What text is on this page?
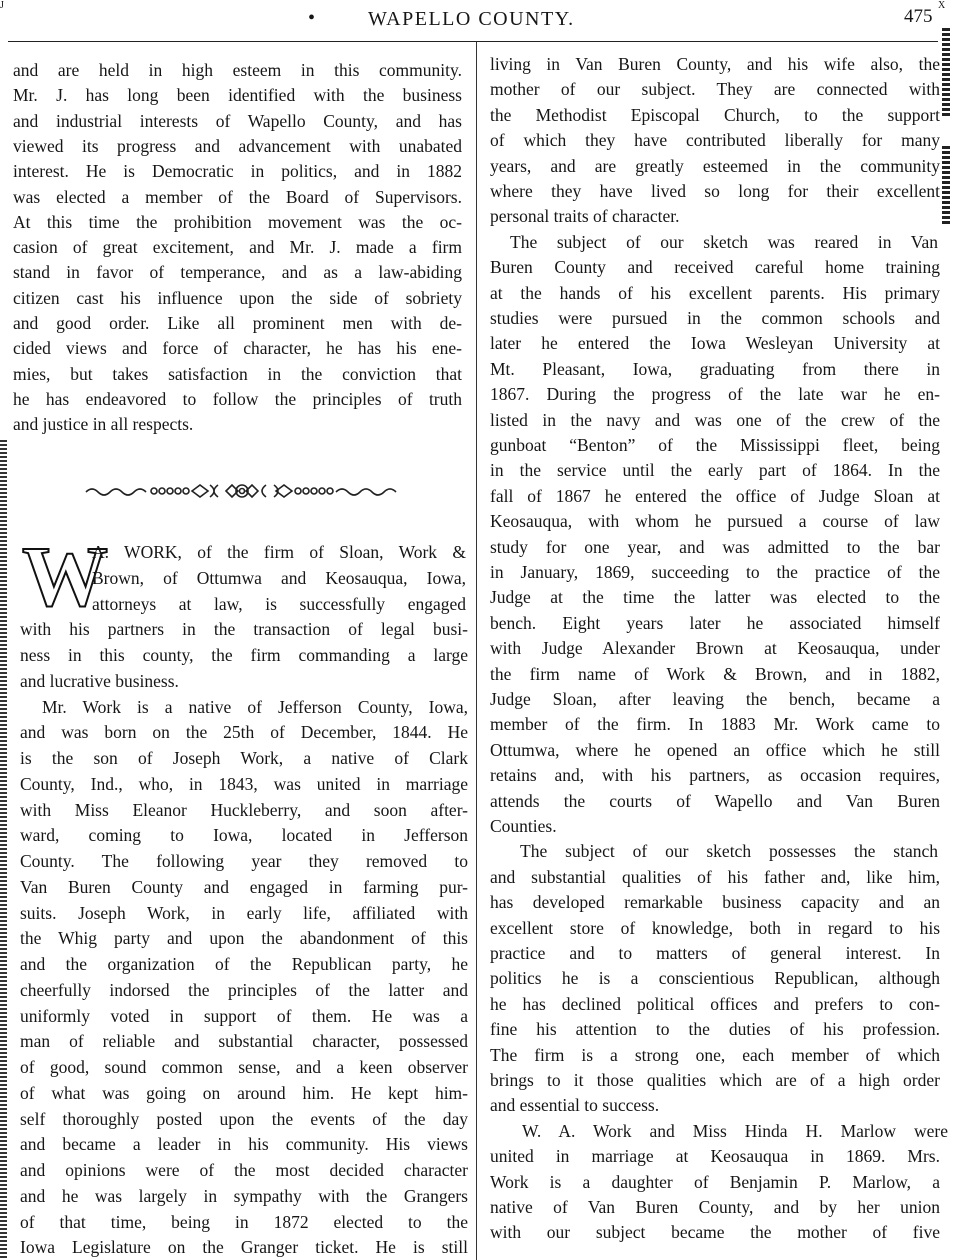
J
•	WAPELLO COUNTY.	475
X
and are held in high esteem in this community.
Mr. J. has long been identified with the business
and industrial interests of Wapello County, and has
viewed its progress and advancement with unabated
interest. He is Democratic in politics, and in 1882
was elected a member of the Board of Supervisors.
At this time the prohibition movement was the oc-
casion of great excitement, and Mr. J. made a firm
stand in favor of temperance, and as a law-abiding
citizen cast his influence upon the side of sobriety
and good order. Like all prominent men with de-
cided views and force of character, he has his ene-
mies, but takes satisfaction in the conviction that
he has endeavored to follow the principles of truth
and justice in all respects.
W
A. WORK, of the firm of Sloan, Work &
Brown, of Ottumwa and Keosauqua, Iowa,
attorneys at law, is successfully engaged
with his partners in the transaction of legal busi-
ness in this county, the firm commanding a large
and lucrative business.
Mr. Work is a native of Jefferson County, Iowa,
and was born on the 25th of December, 1844. He
is the son of Joseph Work, a native of Clark
County, Ind., who, in 1843, was united in marriage
with Miss Eleanor Huckleberry, and soon after-
ward, coming to Iowa, located in Jefferson
County. The following year they removed to
Van Buren County and engaged in farming pur-
suits. Joseph Work, in early life, affiliated with
the Whig party and upon the abandonment of this
and the organization of the Republican party, he
cheerfully indorsed the principles of the latter and
uniformly voted in support of them. He was a
man of reliable and substantial character, possessed
of good, sound common sense, and a keen observer
of what was going on around him. He kept him-
self thoroughly posted upon the events of the day
and became a leader in his community. His views
and opinions were of the most decided character
and he was largely in sympathy with the Grangers
of that time, being in 1872 elected to the
Iowa Legislature on the Granger ticket. He is still
living in Van Buren County, and his wife also, the
mother of our subject. They are connected with
the Methodist Episcopal Church, to the support
of which they have contributed liberally for many
years, and are greatly esteemed in the community
where they have lived so long for their excellent
personal traits of character.
The subject of our sketch was reared in Van
Buren County and received careful home training
at the hands of his excellent parents. His primary
studies were pursued in the common schools and
later he entered the Iowa Wesleyan University at
Mt. Pleasant, Iowa, graduating from there in
1867. During the progress of the late war he en-
listed in the navy and was one of the crew of the
gunboat “Benton” of the Mississippi fleet, being
in the service until the early part of 1864. In the
fall of 1867 he entered the office of Judge Sloan at
Keosauqua, with whom he pursued a course of law
study for one year, and was admitted to the bar
in January, 1869, succeeding to the practice of the
Judge at the time the latter was elected to the
bench. Eight years later he associated himself
with Judge Alexander Brown at Keosauqua, under
the firm name of Work & Brown, and in 1882,
Judge Sloan, after leaving the bench, became a
member of the firm. In 1883 Mr. Work came to
Ottumwa, where he opened an office which he still
retains and, with his partners, as occasion requires,
attends the courts of Wapello and Van Buren
Counties.
The subject of our sketch possesses the stanch
and substantial qualities of his father and, like him,
has developed remarkable business capacity and an
excellent store of knowledge, both in regard to his
practice and to matters of general interest. In
politics he is a conscientious Republican, although
he has declined political offices and prefers to con-
fine his attention to the duties of his profession.
The firm is a strong one, each member of which
brings to it those qualities which are of a high order
and essential to success.
W. A. Work and Miss Hinda H. Marlow were
united in marriage at Keosauqua in 1869. Mrs.
Work is a daughter of Benjamin P. Marlow, a
native of Van Buren County, and by her union
with our subject became the mother of five
